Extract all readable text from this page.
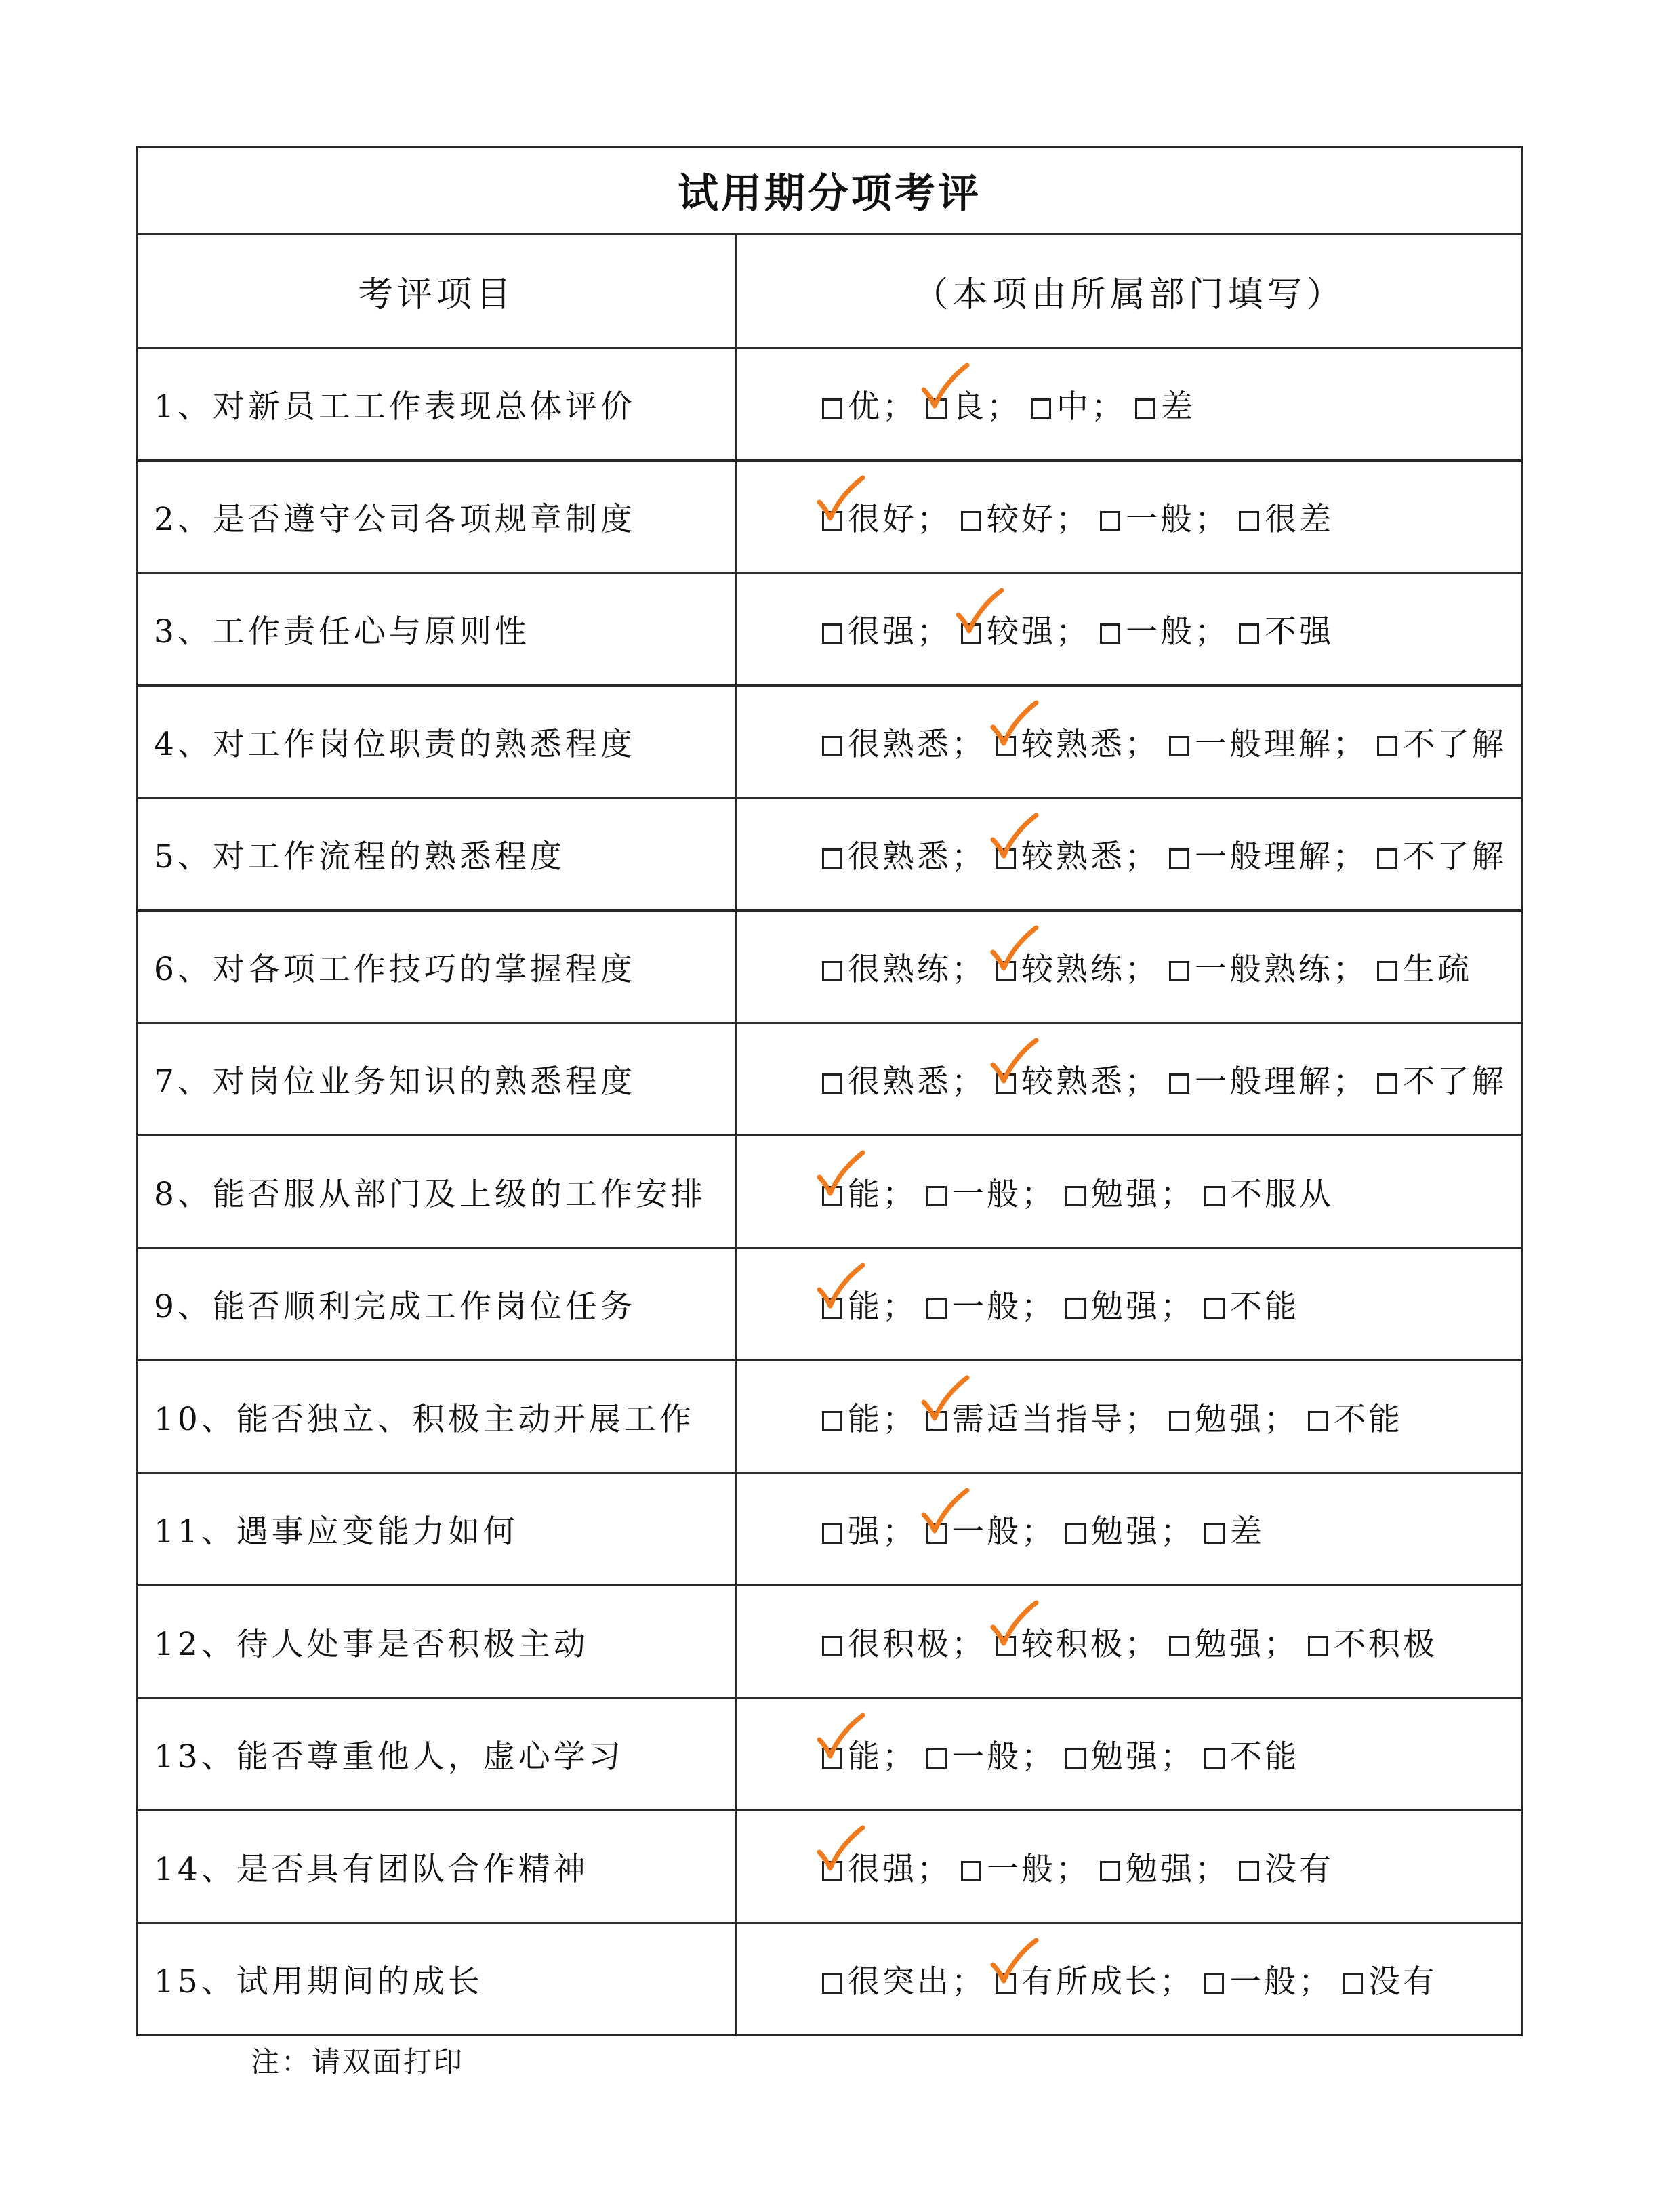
试用期分项考评	
考评项目	（本项由所属部门填写）
1、对新员工工作表现总体评价	优； 良； 中； 差
2、是否遵守公司各项规章制度	很好； 较好； 一般； 很差
3、工作责任心与原则性	很强； 较强； 一般； 不强
4、对工作岗位职责的熟悉程度	很熟悉； 较熟悉； 一般理解； 不了解
5、对工作流程的熟悉程度	很熟悉； 较熟悉； 一般理解； 不了解
6、对各项工作技巧的掌握程度	很熟练； 较熟练； 一般熟练； 生疏
7、对岗位业务知识的熟悉程度	很熟悉； 较熟悉； 一般理解； 不了解
8、能否服从部门及上级的工作安排	能； 一般； 勉强； 不服从
9、能否顺利完成工作岗位任务	能； 一般； 勉强； 不能
10、能否独立、积极主动开展工作	能； 需适当指导； 勉强； 不能
11、遇事应变能力如何	强； 一般； 勉强； 差
12、待人处事是否积极主动	很积极； 较积极； 勉强； 不积极
13、能否尊重他人，虚心学习	能； 一般； 勉强； 不能
14、是否具有团队合作精神	很强； 一般； 勉强； 没有
15、试用期间的成长	很突出； 有所成长； 一般； 没有
注：请双面打印
